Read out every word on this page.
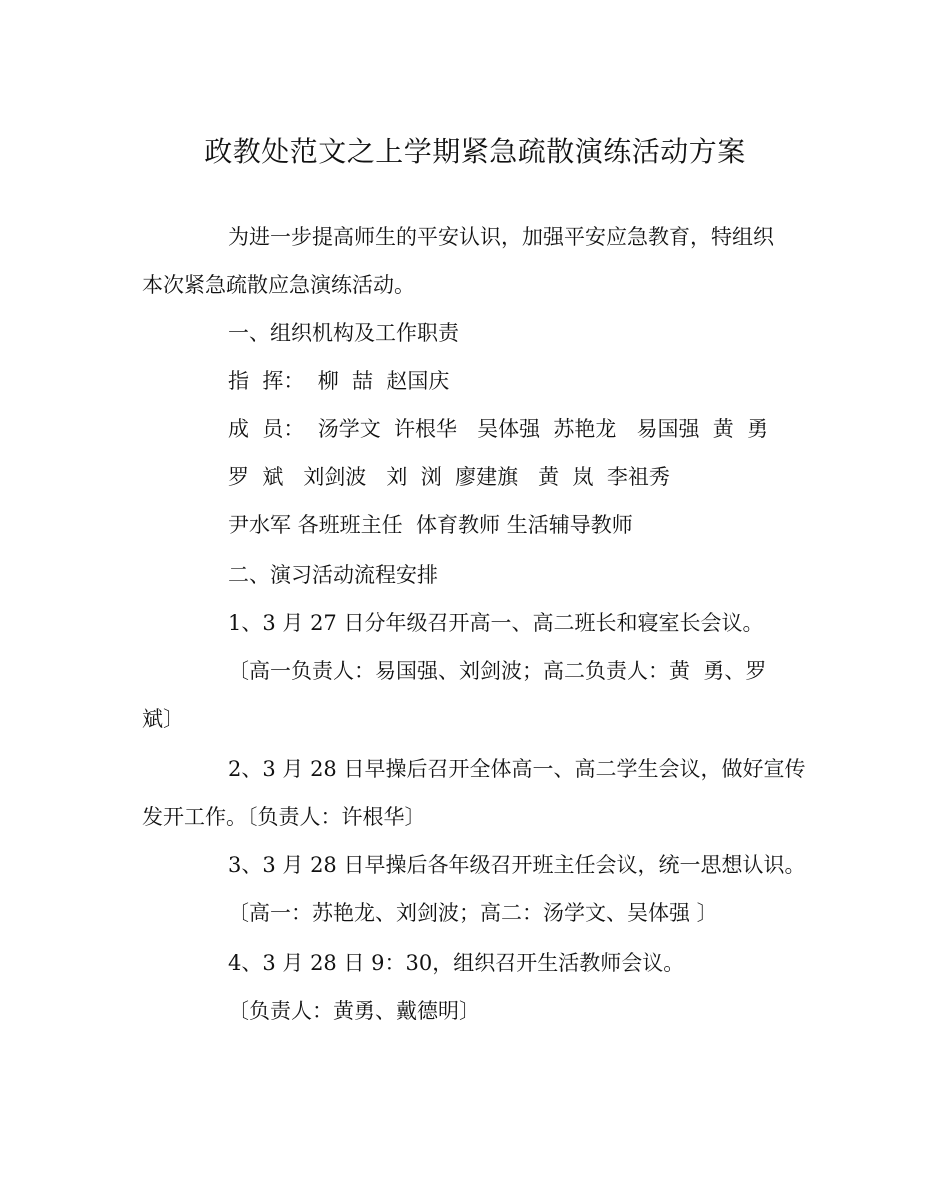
政教处范文之上学期紧急疏散演练活动方案
为进一步提高师生的平安认识，加强平安应急教育，特组织
本次紧急疏散应急演练活动。
一、组织机构及工作职责
指  挥：  柳  喆  赵国庆
成  员：  汤学文  许根华   吴体强  苏艳龙   易国强  黄  勇
罗  斌   刘剑波   刘  浏  廖建旗   黄  岚  李祖秀
尹水军 各班班主任  体育教师 生活辅导教师
二、演习活动流程安排
1、3 月 27 日分年级召开高一、高二班长和寝室长会议。
〔高一负责人：易国强、刘剑波；高二负责人：黄  勇、罗
斌〕
2、3 月 28 日早操后召开全体高一、高二学生会议，做好宣传
发开工作。〔负责人：许根华〕
3、3 月 28 日早操后各年级召开班主任会议，统一思想认识。
〔高一：苏艳龙、刘剑波；高二：汤学文、吴体强 〕
4、3 月 28 日 9：30，组织召开生活教师会议。
〔负责人：黄勇、戴德明〕
